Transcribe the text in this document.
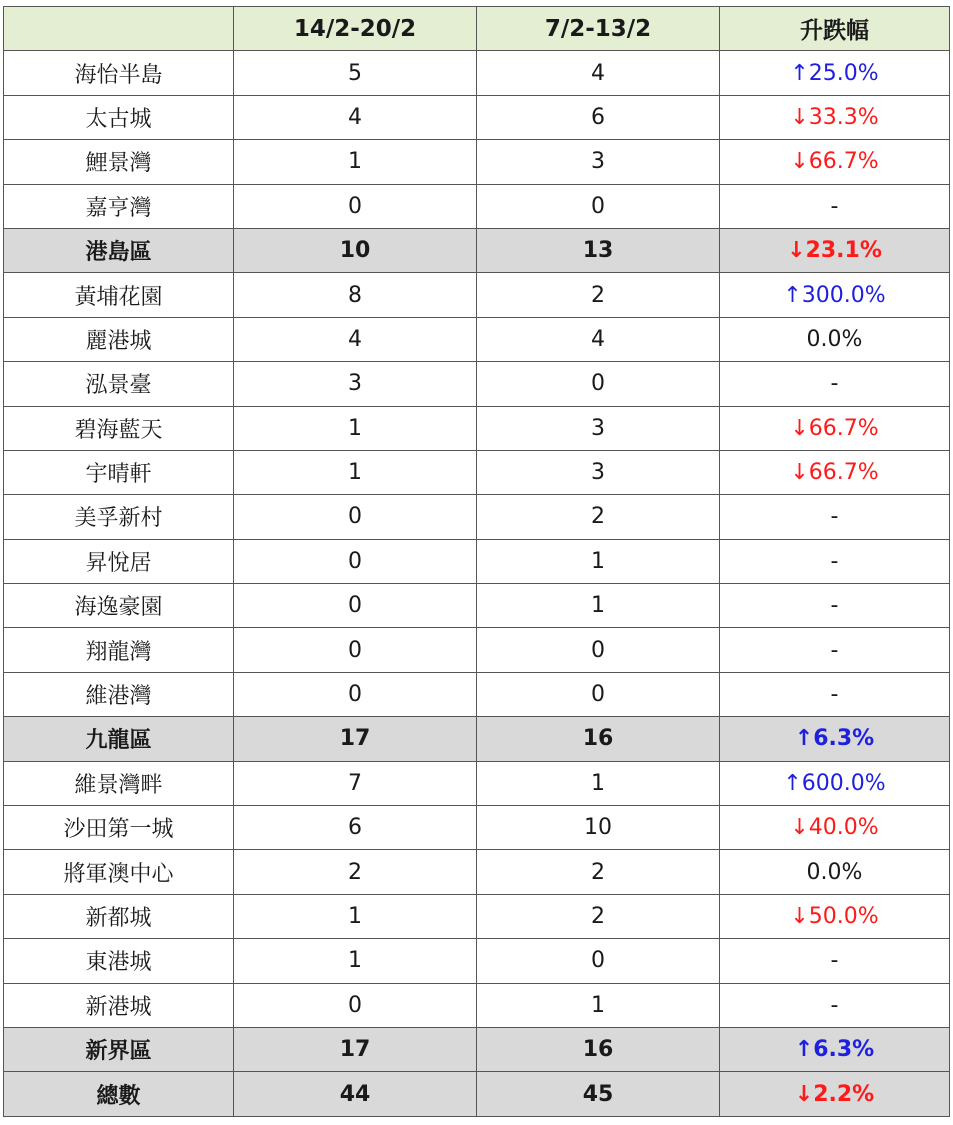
	14/2-20/2	7/2-13/2	升跌幅
海怡半島	5	4	↑25.0%
太古城	4	6	↓33.3%
鯉景灣	1	3	↓66.7%
嘉亨灣	0	0	-
港島區	10	13	↓23.1%
黃埔花園	8	2	↑300.0%
麗港城	4	4	0.0%
泓景臺	3	0	-
碧海藍天	1	3	↓66.7%
宇晴軒	1	3	↓66.7%
美孚新村	0	2	-
昇悅居	0	1	-
海逸豪園	0	1	-
翔龍灣	0	0	-
維港灣	0	0	-
九龍區	17	16	↑6.3%
維景灣畔	7	1	↑600.0%
沙田第一城	6	10	↓40.0%
將軍澳中心	2	2	0.0%
新都城	1	2	↓50.0%
東港城	1	0	-
新港城	0	1	-
新界區	17	16	↑6.3%
總數	44	45	↓2.2%
